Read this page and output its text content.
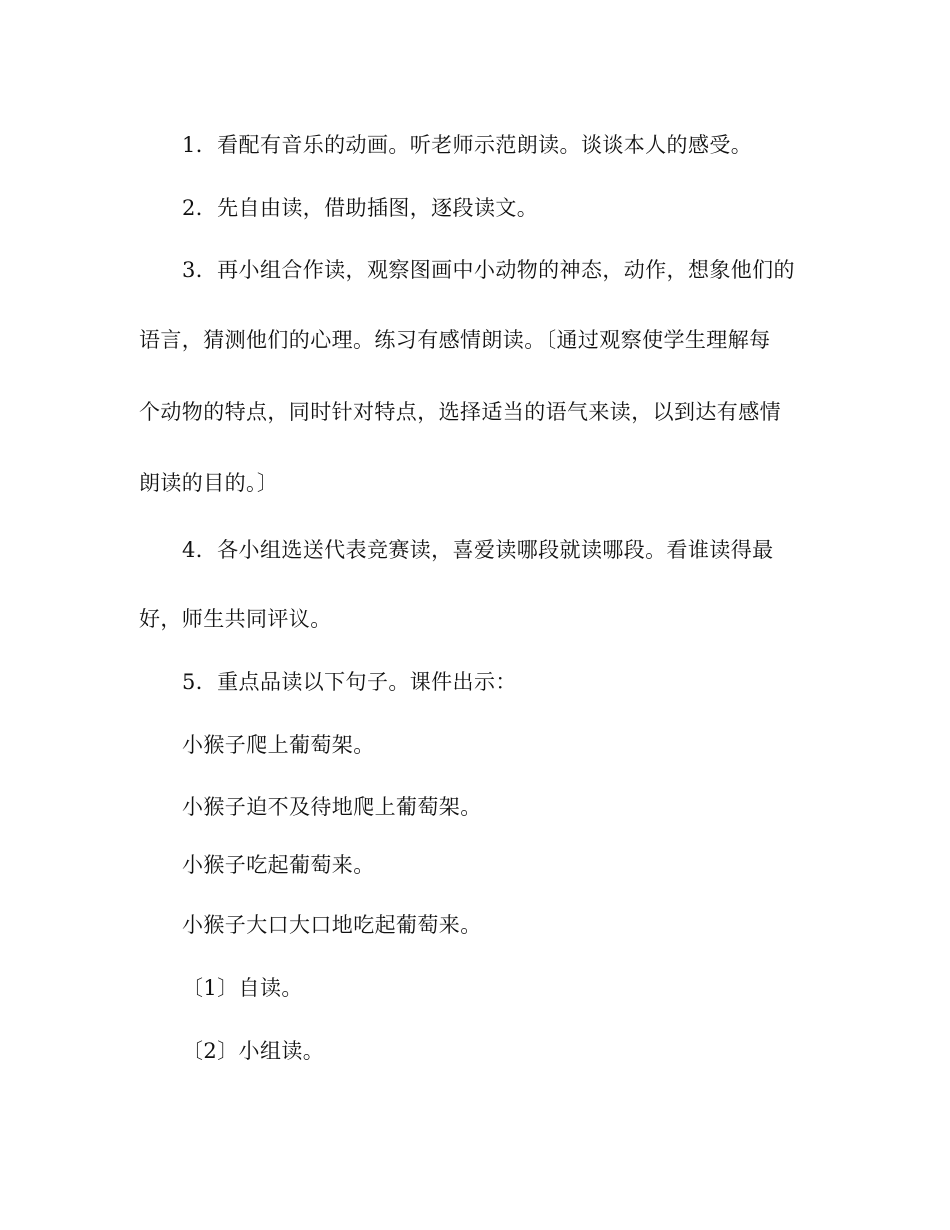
1．看配有音乐的动画。听老师示范朗读。谈谈本人的感受。
2．先自由读，借助插图，逐段读文。
3．再小组合作读，观察图画中小动物的神态，动作，想象他们的
语言，猜测他们的心理。练习有感情朗读。〔通过观察使学生理解每
个动物的特点，同时针对特点，选择适当的语气来读，以到达有感情
朗读的目的。〕
4．各小组选送代表竞赛读，喜爱读哪段就读哪段。看谁读得最
好，师生共同评议。
5．重点品读以下句子。课件出示：
小猴子爬上葡萄架。
小猴子迫不及待地爬上葡萄架。
小猴子吃起葡萄来。
小猴子大口大口地吃起葡萄来。
〔1〕自读。
〔2〕小组读。
